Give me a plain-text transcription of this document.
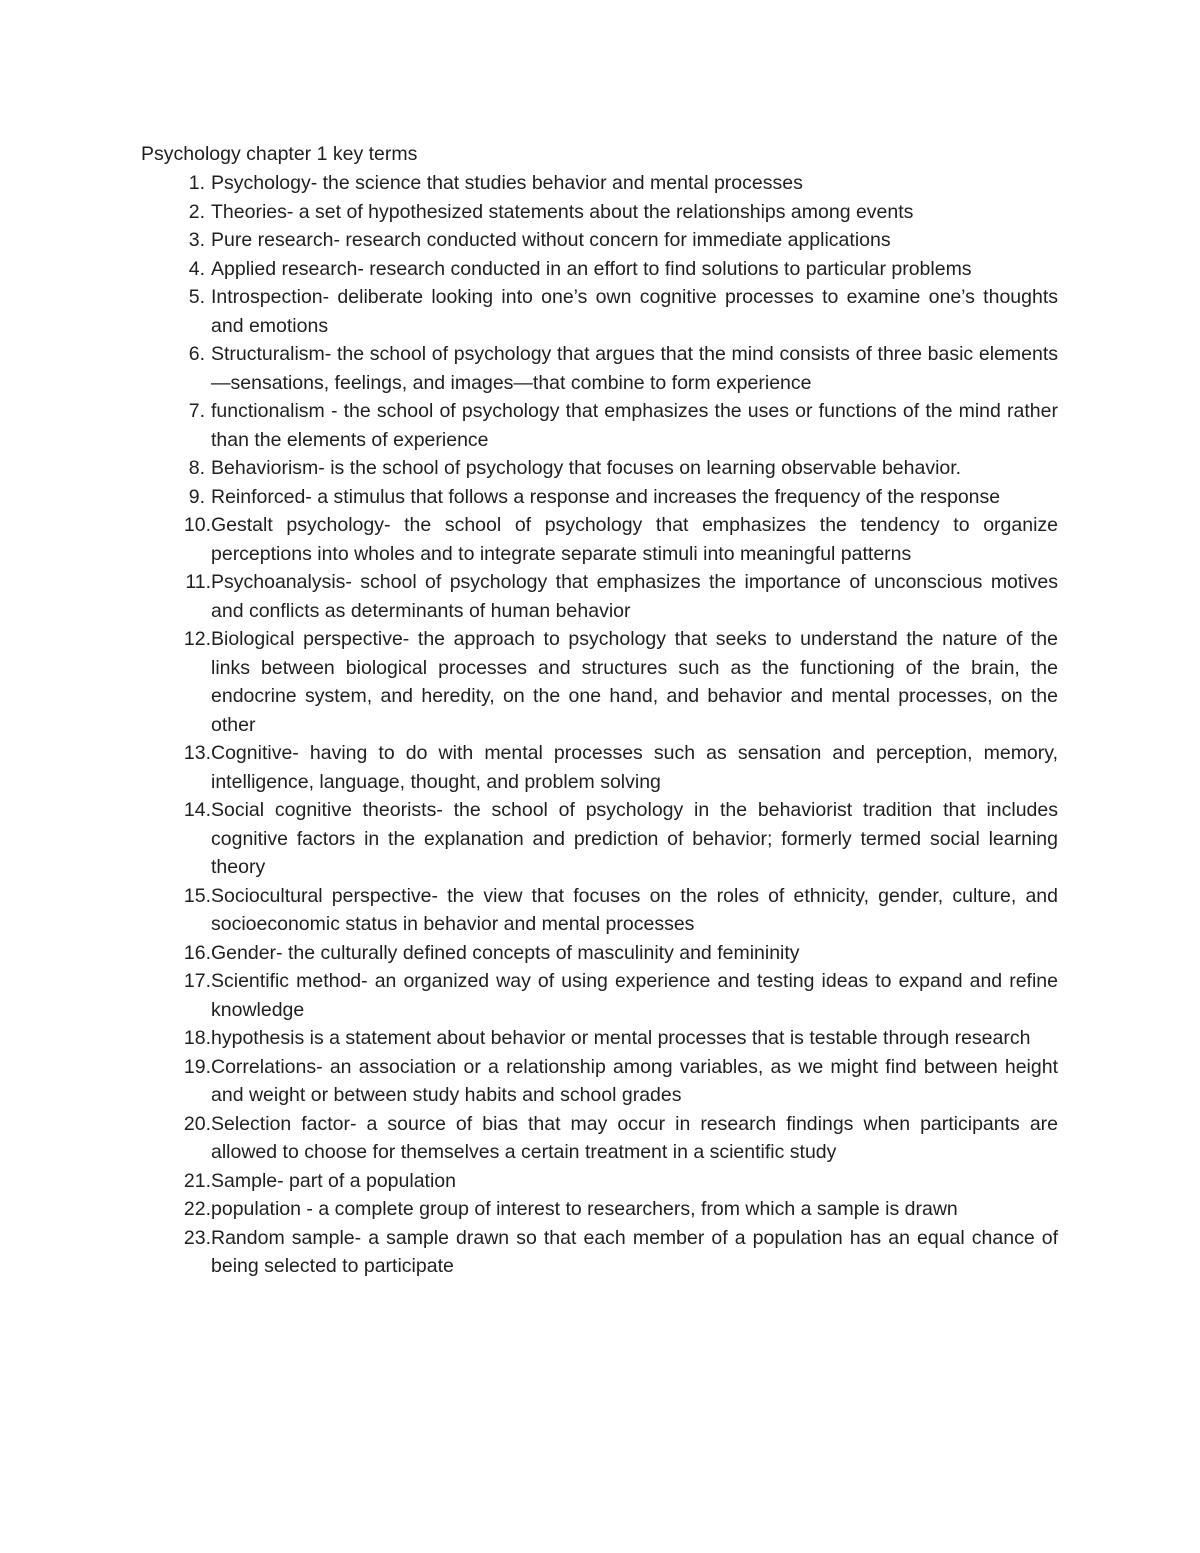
Psychology chapter 1 key terms
1. Psychology- the science that studies behavior and mental processes
2. Theories- a set of hypothesized statements about the relationships among events
3. Pure research- research conducted without concern for immediate applications
4. Applied research- research conducted in an effort to find solutions to particular problems
5. Introspection- deliberate looking into one’s own cognitive processes to examine one’s thoughts and emotions
6. Structuralism- the school of psychology that argues that the mind consists of three basic elements—sensations, feelings, and images—that combine to form experience
7. functionalism - the school of psychology that emphasizes the uses or functions of the mind rather than the elements of experience
8. Behaviorism- is the school of psychology that focuses on learning observable behavior.
9. Reinforced- a stimulus that follows a response and increases the frequency of the response
10. Gestalt psychology- the school of psychology that emphasizes the tendency to organize perceptions into wholes and to integrate separate stimuli into meaningful patterns
11. Psychoanalysis- school of psychology that emphasizes the importance of unconscious motives and conflicts as determinants of human behavior
12. Biological perspective- the approach to psychology that seeks to understand the nature of the links between biological processes and structures such as the functioning of the brain, the endocrine system, and heredity, on the one hand, and behavior and mental processes, on the other
13. Cognitive- having to do with mental processes such as sensation and perception, memory, intelligence, language, thought, and problem solving
14. Social cognitive theorists- the school of psychology in the behaviorist tradition that includes cognitive factors in the explanation and prediction of behavior; formerly termed social learning theory
15. Sociocultural perspective- the view that focuses on the roles of ethnicity, gender, culture, and socioeconomic status in behavior and mental processes
16. Gender- the culturally defined concepts of masculinity and femininity
17. Scientific method- an organized way of using experience and testing ideas to expand and refine knowledge
18. hypothesis is a statement about behavior or mental processes that is testable through research
19. Correlations- an association or a relationship among variables, as we might find between height and weight or between study habits and school grades
20. Selection factor- a source of bias that may occur in research findings when participants are allowed to choose for themselves a certain treatment in a scientific study
21. Sample- part of a population
22. population - a complete group of interest to researchers, from which a sample is drawn
23. Random sample- a sample drawn so that each member of a population has an equal chance of being selected to participate
